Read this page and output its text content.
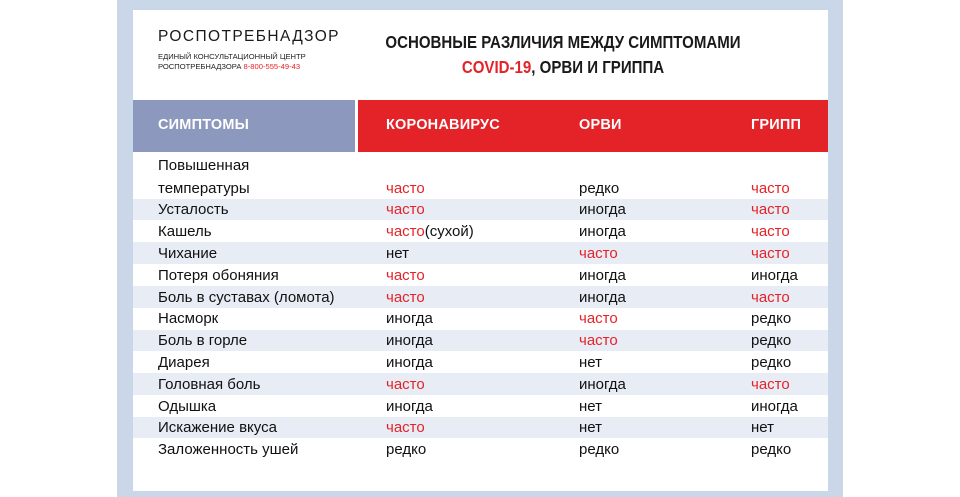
РОСПОТРЕБНАДЗОР
ЕДИНЫЙ КОНСУЛЬТАЦИОННЫЙ ЦЕНТР
РОСПОТРЕБНАДЗОРА 8-800-555-49-43
ОСНОВНЫЕ РАЗЛИЧИЯ МЕЖДУ СИМПТОМАМИ
COVID-19, ОРВИ И ГРИППА
СИМПТОМЫ	КОРОНАВИРУС	ОРВИ	ГРИПП
Повышенная
температуры	часто	редко	часто
Усталость	часто	иногда	часто
Кашель	часто(сухой)	иногда	часто
Чихание	нет	часто	часто
Потеря обоняния	часто	иногда	иногда
Боль в суставах (ломота)	часто	иногда	часто
Насморк	иногда	часто	редко
Боль в горле	иногда	часто	редко
Диарея	иногда	нет	редко
Головная боль	часто	иногда	часто
Одышка	иногда	нет	иногда
Искажение вкуса	часто	нет	нет
Заложенность ушей	редко	редко	редко
